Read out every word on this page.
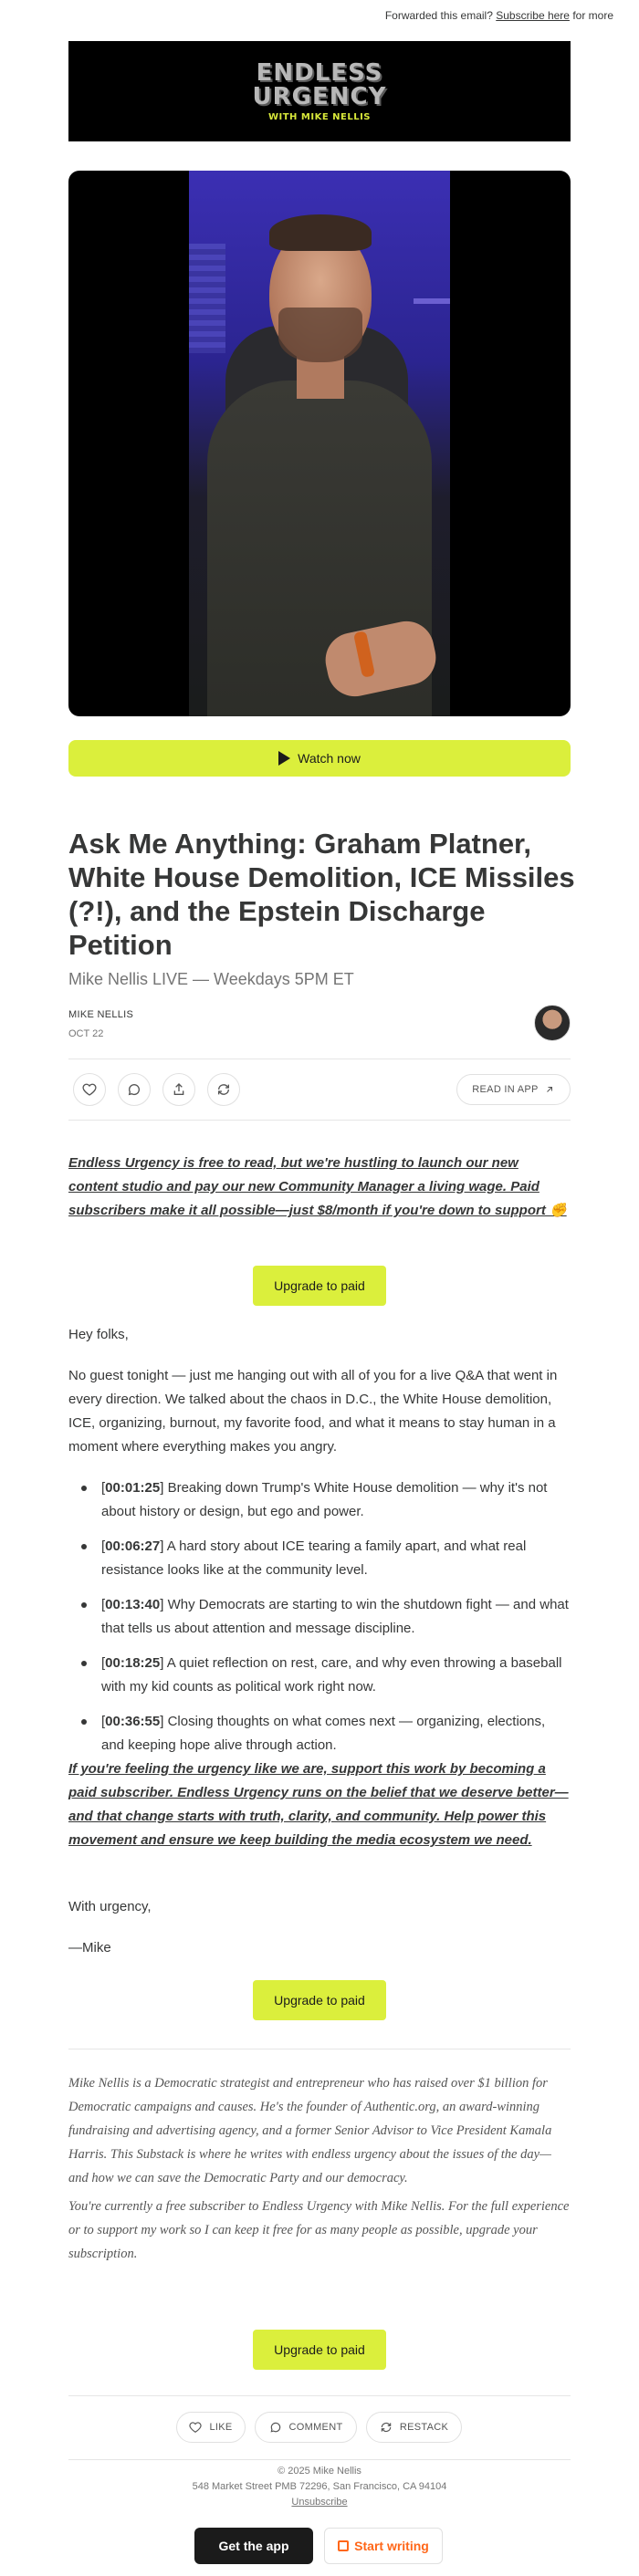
Forwarded this email? Subscribe here for more
ENDLESS
URGENCY
WITH MIKE NELLIS
Watch now
Ask Me Anything: Graham Platner, White House Demolition, ICE Missiles (?!), and the Epstein Discharge Petition
Mike Nellis LIVE — Weekdays 5PM ET
MIKE NELLIS
OCT 22
READ IN APP
Endless Urgency is free to read, but we're hustling to launch our new content studio and pay our new Community Manager a living wage. Paid subscribers make it all possible—just $8/month if you're down to support ✊
Upgrade to paid
Hey folks,
No guest tonight — just me hanging out with all of you for a live Q&A that went in every direction. We talked about the chaos in D.C., the White House demolition, ICE, organizing, burnout, my favorite food, and what it means to stay human in a moment where everything makes you angry.
[00:01:25] Breaking down Trump's White House demolition — why it's not about history or design, but ego and power.
[00:06:27] A hard story about ICE tearing a family apart, and what real resistance looks like at the community level.
[00:13:40] Why Democrats are starting to win the shutdown fight — and what that tells us about attention and message discipline.
[00:18:25] A quiet reflection on rest, care, and why even throwing a baseball with my kid counts as political work right now.
[00:36:55] Closing thoughts on what comes next — organizing, elections, and keeping hope alive through action.
If you're feeling the urgency like we are, support this work by becoming a paid subscriber. Endless Urgency runs on the belief that we deserve better—and that change starts with truth, clarity, and community. Help power this movement and ensure we keep building the media ecosystem we need.
With urgency,
—Mike
Upgrade to paid
Mike Nellis is a Democratic strategist and entrepreneur who has raised over $1 billion for Democratic campaigns and causes. He's the founder of Authentic.org, an award-winning fundraising and advertising agency, and a former Senior Advisor to Vice President Kamala Harris. This Substack is where he writes with endless urgency about the issues of the day—and how we can save the Democratic Party and our democracy.
You're currently a free subscriber to Endless Urgency with Mike Nellis. For the full experience or to support my work so I can keep it free for as many people as possible, upgrade your subscription.
Upgrade to paid
LIKE	COMMENT	RESTACK
© 2025 Mike Nellis
548 Market Street PMB 72296, San Francisco, CA 94104
Unsubscribe
Get the app	Start writing
